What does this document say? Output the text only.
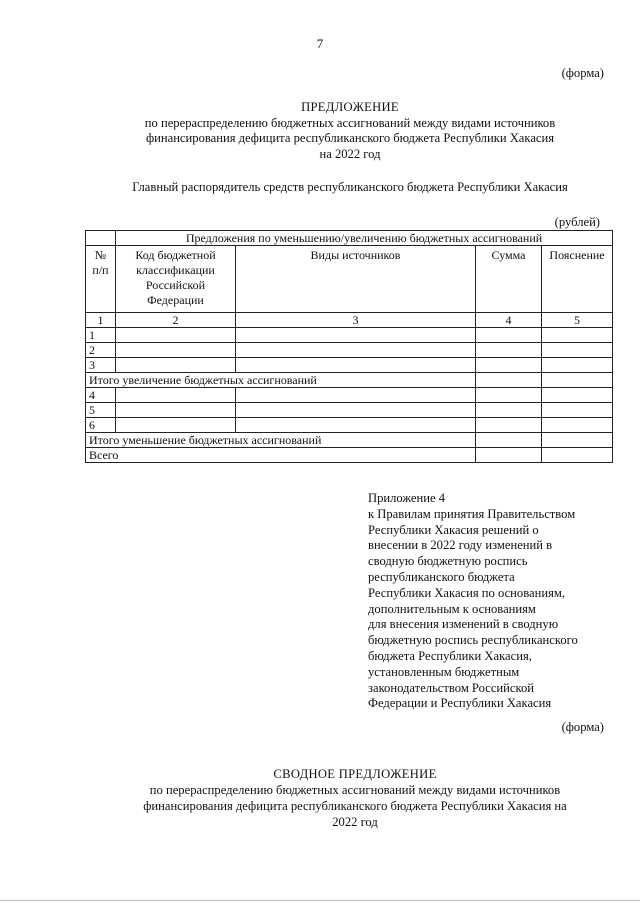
7
(форма)
ПРЕДЛОЖЕНИЕ
по перераспределению бюджетных ассигнований между видами источников
финансирования дефицита республиканского бюджета Республики Хакасия
на 2022 год
Главный распорядитель средств республиканского бюджета Республики Хакасия
(рублей)
	Предложения по уменьшению/увеличению бюджетных ассигнований			
№ п/п	Код бюджетной классификации Российской Федерации	Виды источников	Сумма	Пояснение
1	2	3	4	5
1				
2				
3				
Итого увеличение бюджетных ассигнований				
4				
5				
6				
Итого уменьшение бюджетных ассигнований				
Всего				
Приложение 4
к Правилам принятия Правительством
Республики Хакасия решений о
внесении в 2022 году изменений в
сводную бюджетную роспись
республиканского бюджета
Республики Хакасия по основаниям,
дополнительным к основаниям
для внесения изменений в сводную
бюджетную роспись республиканского
бюджета Республики Хакасия,
установленным бюджетным
законодательством Российской
Федерации и Республики Хакасия
(форма)
СВОДНОЕ ПРЕДЛОЖЕНИЕ
по перераспределению бюджетных ассигнований между видами источников
финансирования дефицита республиканского бюджета Республики Хакасия на
2022 год
